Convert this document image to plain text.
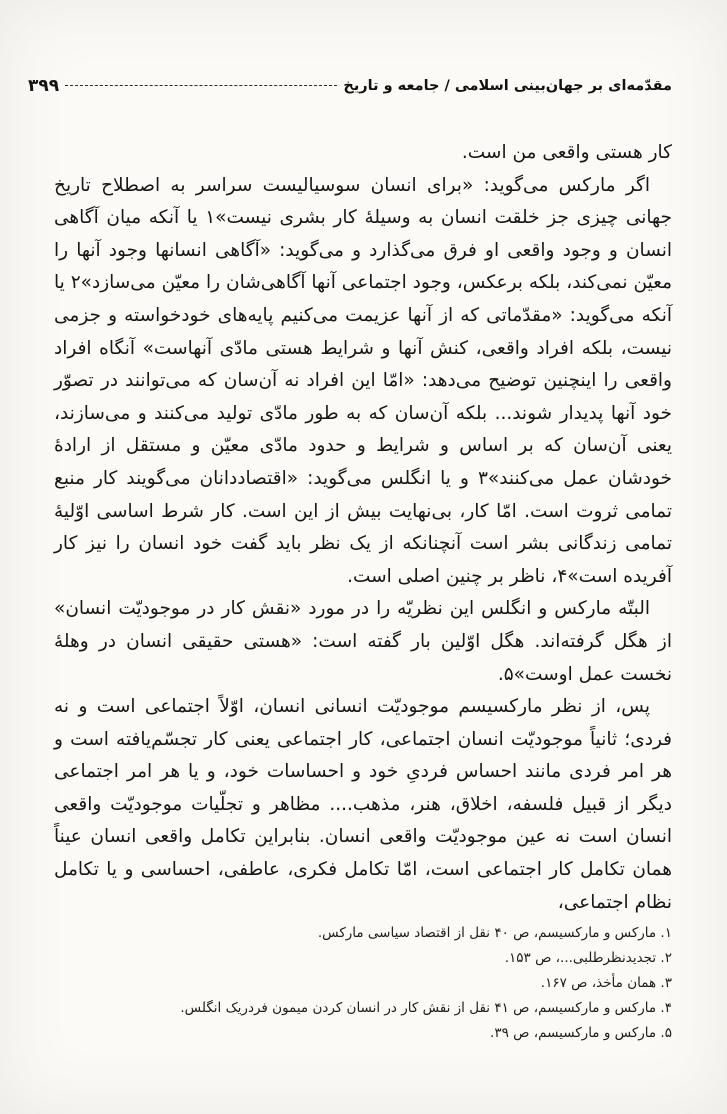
۳۹۹	مقدّمه‌ای بر جهان‌بینی اسلامی / جامعه و تاریخ

کار هستی واقعی من است.

اگر مارکس می‌گوید: «برای انسان سوسیالیست سراسر به اصطلاح تاریخ جهانی چیزی جز خلقت انسان به وسیلهٔ کار بشری نیست»۱ یا آنکه میان آگاهی انسان و وجود واقعی او فرق می‌گذارد و می‌گوید: «آگاهی انسانها وجود آنها را معیّن نمی‌کند، بلکه برعکس، وجود اجتماعی آنها آگاهی‌شان را معیّن می‌سازد»۲ یا آنکه می‌گوید: «مقدّماتی که از آنها عزیمت می‌کنیم پایه‌های خودخواسته و جزمی نیست، بلکه افراد واقعی، کنش آنها و شرایط هستی مادّی آنهاست» آنگاه افراد واقعی را اینچنین توضیح می‌دهد: «امّا این افراد نه آن‌سان که می‌توانند در تصوّر خود آنها پدیدار شوند... بلکه آن‌سان که به طور مادّی تولید می‌کنند و می‌سازند، یعنی آن‌سان که بر اساس و شرایط و حدود مادّی معیّن و مستقل از ارادهٔ خودشان عمل می‌کنند»۳ و یا انگلس می‌گوید: «اقتصاددانان می‌گویند کار منبع تمامی ثروت است. امّا کار، بی‌نهایت بیش از این است. کار شرط اساسی اوّلیهٔ تمامی زندگانی بشر است آنچنانکه از یک نظر باید گفت خود انسان را نیز کار آفریده است»۴، ناظر بر چنین اصلی است.

البتّه مارکس و انگلس این نظریّه را در مورد «نقش کار در موجودیّت انسان» از هگل گرفته‌اند. هگل اوّلین بار گفته است: «هستی حقیقی انسان در وهلهٔ نخست عمل اوست»۵.

پس، از نظر مارکسیسم موجودیّت انسانی انسان، اوّلاً اجتماعی است و نه فردی؛ ثانیاً موجودیّت انسان اجتماعی، کار اجتماعی یعنی کار تجسّم‌یافته است و هر امر فردی مانند احساس فردیِ خود و احساسات خود، و یا هر امر اجتماعی دیگر از قبیل فلسفه، اخلاق، هنر، مذهب.... مظاهر و تجلّیات موجودیّت واقعی انسان است نه عین موجودیّت واقعی انسان. بنابراین تکامل واقعی انسان عیناً همان تکامل کار اجتماعی است، امّا تکامل فکری، عاطفی، احساسی و یا تکامل نظام اجتماعی،

۱. مارکس و مارکسیسم، ص ۴۰ نقل از اقتصاد سیاسی مارکس.
۲. تجدیدنظرطلبی...، ص ۱۵۳.
۳. همان مأخذ، ص ۱۶۷.
۴. مارکس و مارکسیسم، ص ۴۱ نقل از نقش کار در انسان کردن میمون فردریک انگلس.
۵. مارکس و مارکسیسم، ص ۳۹.
